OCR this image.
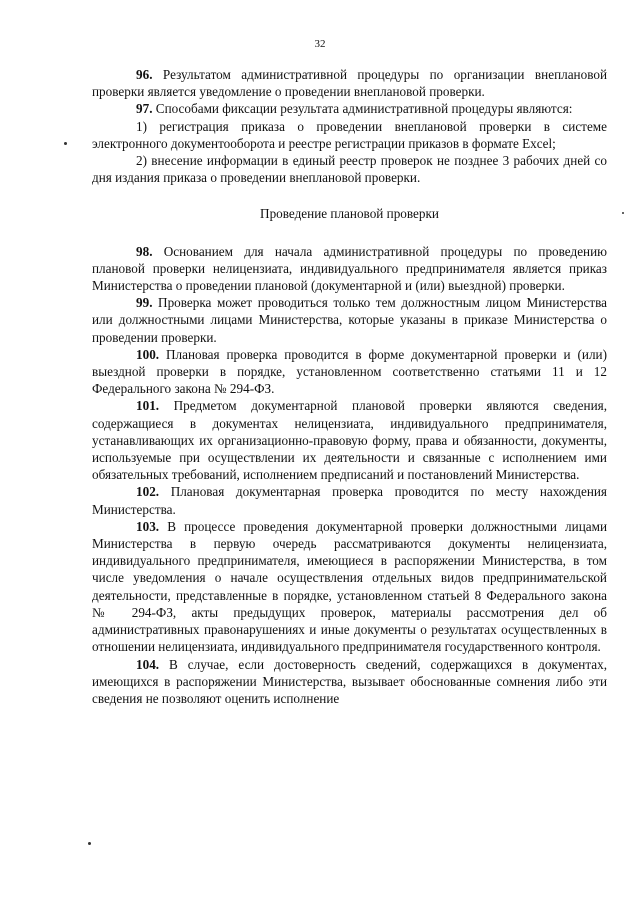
32

96. Результатом административной процедуры по организации внеплановой проверки является уведомление о проведении внеплановой проверки.

97. Способами фиксации результата административной процедуры являются:

1) регистрация приказа о проведении внеплановой проверки в системе электронного документооборота и реестре регистрации приказов в формате Excel;

2) внесение информации в единый реестр проверок не позднее 3 рабочих дней со дня издания приказа о проведении внеплановой проверки.

Проведение плановой проверки

98. Основанием для начала административной процедуры по проведению плановой проверки нелицензиата, индивидуального предпринимателя является приказ Министерства о проведении плановой (документарной и (или) выездной) проверки.

99. Проверка может проводиться только тем должностным лицом Министерства или должностными лицами Министерства, которые указаны в приказе Министерства о проведении проверки.

100. Плановая проверка проводится в форме документарной проверки и (или) выездной проверки в порядке, установленном соответственно статьями 11 и 12 Федерального закона № 294-ФЗ.

101. Предметом документарной плановой проверки являются сведения, содержащиеся в документах нелицензиата, индивидуального предпринимателя, устанавливающих их организационно-правовую форму, права и обязанности, документы, используемые при осуществлении их деятельности и связанные с исполнением ими обязательных требований, исполнением предписаний и постановлений Министерства.

102. Плановая документарная проверка проводится по месту нахождения Министерства.

103. В процессе проведения документарной проверки должностными лицами Министерства в первую очередь рассматриваются документы нелицензиата, индивидуального предпринимателя, имеющиеся в распоряжении Министерства, в том числе уведомления о начале осуществления отдельных видов предпринимательской деятельности, представленные в порядке, установленном статьей 8 Федерального закона № 294-ФЗ, акты предыдущих проверок, материалы рассмотрения дел об административных правонарушениях и иные документы о результатах осуществленных в отношении нелицензиата, индивидуального предпринимателя государственного контроля.

104. В случае, если достоверность сведений, содержащихся в документах, имеющихся в распоряжении Министерства, вызывает обоснованные сомнения либо эти сведения не позволяют оценить исполнение
